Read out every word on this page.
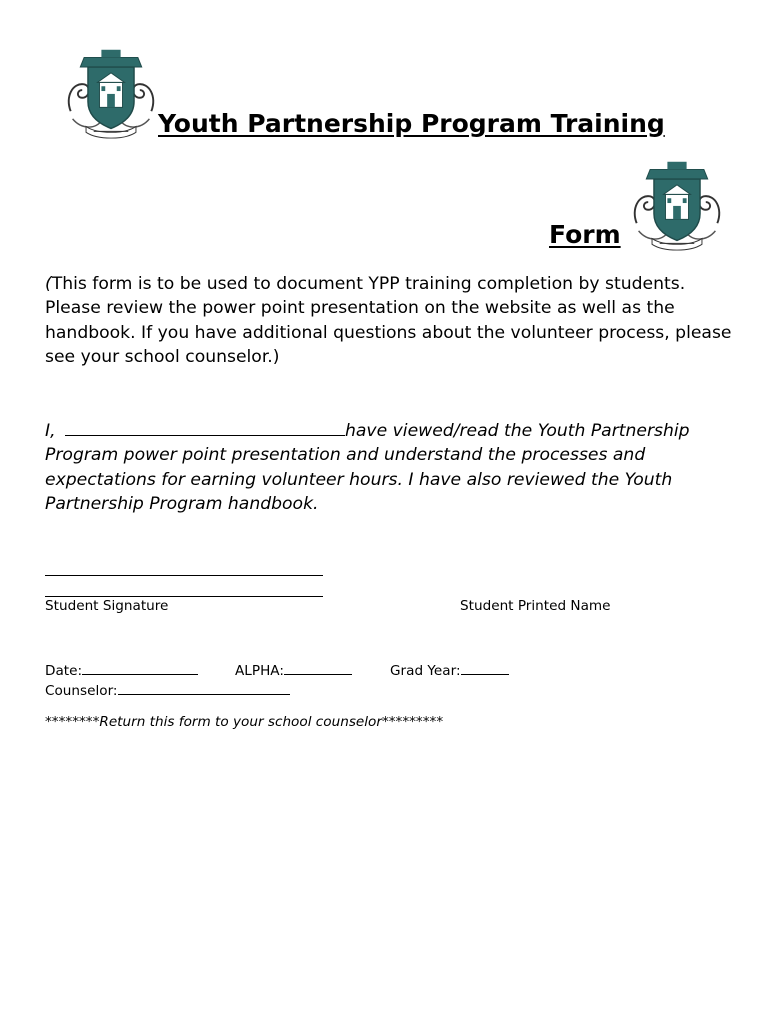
Youth Partnership Program Training
Form

(This form is to be used to document YPP training completion by students. Please review the power point presentation on the website as well as the handbook. If you have additional questions about the volunteer process, please see your school counselor.)

I,	have viewed/read the Youth Partnership Program power point presentation and understand the processes and expectations for earning volunteer hours. I have also reviewed the Youth Partnership Program handbook.

Student Signature	Student Printed Name

Date:	ALPHA:	Grad Year:
Counselor:

********Return this form to your school counselor*********
